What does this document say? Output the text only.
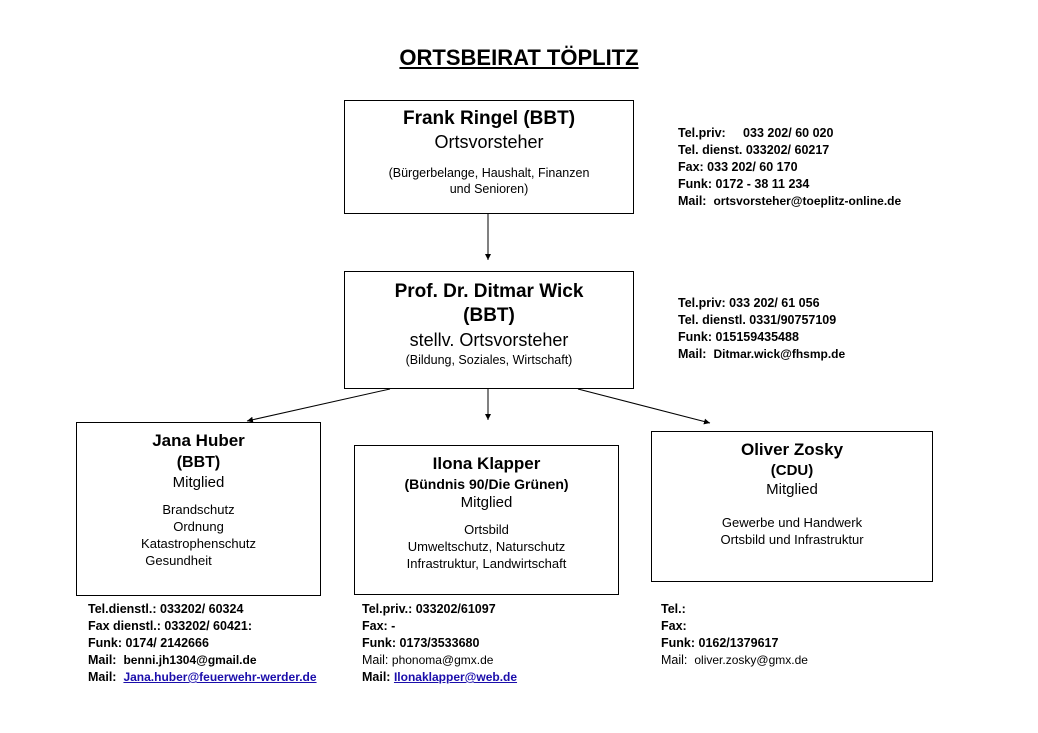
ORTSBEIRAT TÖPLITZ
Frank Ringel (BBT)
Ortsvorsteher
(Bürgerbelange, Haushalt, Finanzen
und Senioren)
Tel.priv:     033 202/ 60 020
Tel. dienst. 033202/ 60217
Fax: 033 202/ 60 170
Funk: 0172 - 38 11 234
Mail: ortsvorsteher@toeplitz-online.de
Prof. Dr. Ditmar Wick
(BBT)
stellv. Ortsvorsteher
(Bildung, Soziales, Wirtschaft)
Tel.priv: 033 202/ 61 056
Tel. dienstl. 0331/90757109
Funk: 015159435488
Mail: Ditmar.wick@fhsmp.de
Jana Huber
(BBT)
Mitglied
Brandschutz
Ordnung
Katastrophenschutz
Gesundheit
Tel.dienstl.: 033202/ 60324
Fax dienstl.: 033202/ 60421:
Funk: 0174/ 2142666
Mail: benni.jh1304@gmail.de
Mail: Jana.huber@feuerwehr-werder.de
Ilona Klapper
(Bündnis 90/Die Grünen)
Mitglied
Ortsbild
Umweltschutz, Naturschutz
Infrastruktur, Landwirtschaft
Tel.priv.: 033202/61097
Fax: -
Funk: 0173/3533680
Mail: phonoma@gmx.de
Mail: Ilonaklapper@web.de
Oliver Zosky
(CDU)
Mitglied
Gewerbe und Handwerk
Ortsbild und Infrastruktur
Tel.:
Fax:
Funk: 0162/1379617
Mail: oliver.zosky@gmx.de
